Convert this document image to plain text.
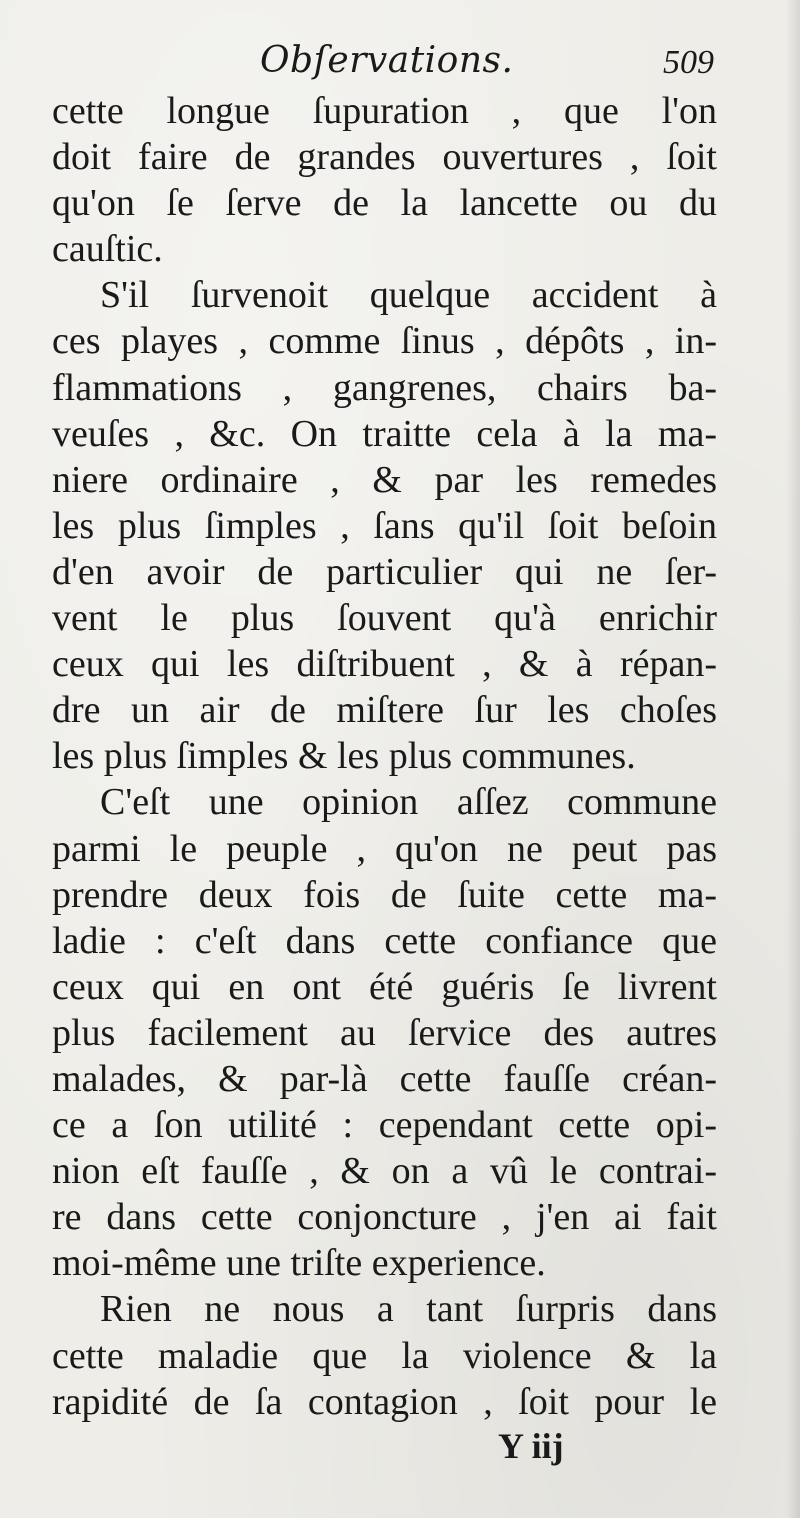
Obſervations.	509
cette longue ſupuration , que l'on
doit faire de grandes ouvertures , ſoit
qu'on ſe ſerve de la lancette ou du
cauſtic.
S'il ſurvenoit quelque accident à
ces playes , comme ſinus , dépôts , in-
flammations , gangrenes, chairs ba-
veuſes , &c. On traitte cela à la ma-
niere ordinaire , & par les remedes
les plus ſimples , ſans qu'il ſoit beſoin
d'en avoir de particulier qui ne ſer-
vent le plus ſouvent qu'à enrichir
ceux qui les diſtribuent , & à répan-
dre un air de miſtere ſur les choſes
les plus ſimples & les plus communes.
C'eſt une opinion aſſez commune
parmi le peuple , qu'on ne peut pas
prendre deux fois de ſuite cette ma-
ladie : c'eſt dans cette confiance que
ceux qui en ont été guéris ſe livrent
plus facilement au ſervice des autres
malades, & par-là cette fauſſe créan-
ce a ſon utilité : cependant cette opi-
nion eſt fauſſe , & on a vû le contrai-
re dans cette conjoncture , j'en ai fait
moi-même une triſte experience.
Rien ne nous a tant ſurpris dans
cette maladie que la violence & la
rapidité de ſa contagion , ſoit pour le
Y iij
